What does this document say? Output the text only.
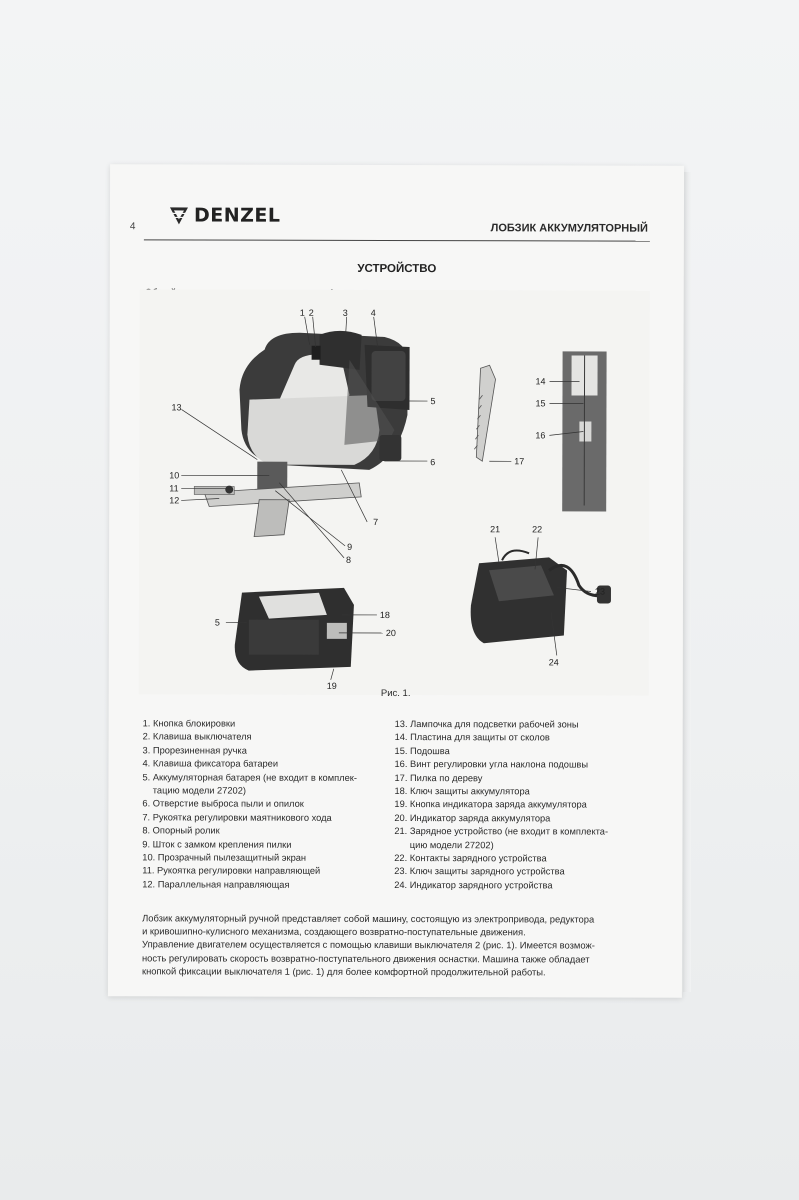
4
DENZEL
ЛОБЗИК АККУМУЛЯТОРНЫЙ
УСТРОЙСТВО
1 2	3	4
5
6
7
8
9
10
11
12
13
14
15
16
17
5
18
19
20
21	22
23
24
Рис. 1.
1. Кнопка блокировки
2. Клавиша выключателя
3. Прорезиненная ручка
4. Клавиша фиксатора батареи
5. Аккумуляторная батарея (не входит в комплек-
тацию модели 27202)
6. Отверстие выброса пыли и опилок
7. Рукоятка регулировки маятникового хода
8. Опорный ролик
9. Шток с замком крепления пилки
10. Прозрачный пылезащитный экран
11. Рукоятка регулировки направляющей
12. Параллельная направляющая
13. Лампочка для подсветки рабочей зоны
14. Пластина для защиты от сколов
15. Подошва
16. Винт регулировки угла наклона подошвы
17. Пилка по дереву
18. Ключ защиты аккумулятора
19. Кнопка индикатора заряда аккумулятора
20. Индикатор заряда аккумулятора
21. Зарядное устройство (не входит в комплекта-
цию модели 27202)
22. Контакты зарядного устройства
23. Ключ защиты зарядного устройства
24. Индикатор зарядного устройства
Лобзик аккумуляторный ручной представляет собой машину, состоящую из электропривода, редуктора
и кривошипно-кулисного механизма, создающего возвратно-поступательные движения.
Управление двигателем осуществляется с помощью клавиши выключателя 2 (рис. 1). Имеется возмож-
ность регулировать скорость возвратно-поступательного движения оснастки. Машина также обладает
кнопкой фиксации выключателя 1 (рис. 1) для более комфортной продолжительной работы.
